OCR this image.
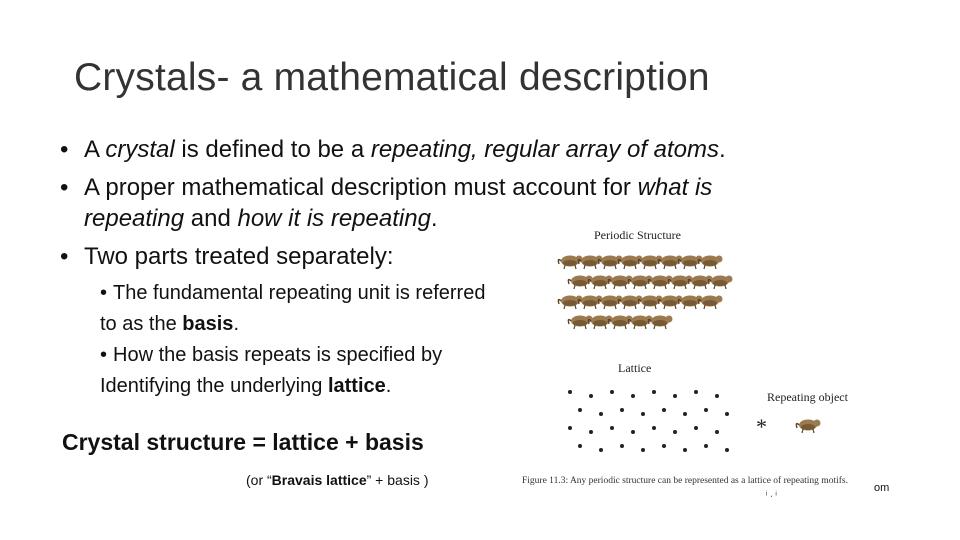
Crystals- a mathematical description
• A crystal is defined to be a repeating, regular array of atoms.
• A proper mathematical description must account for what is repeating and how it is repeating.
• Two parts treated separately:
• The fundamental repeating unit is referred to as the basis.
• How the basis repeats is specified by Identifying the underlying lattice.
Crystal structure = lattice + basis
(or “Bravais lattice” + basis )
Periodic Structure
Lattice
Repeating object
*
Figure 11.3: Any periodic structure can be represented as a lattice of repeating motifs.
ᵢ ˏ ᵢ	om
